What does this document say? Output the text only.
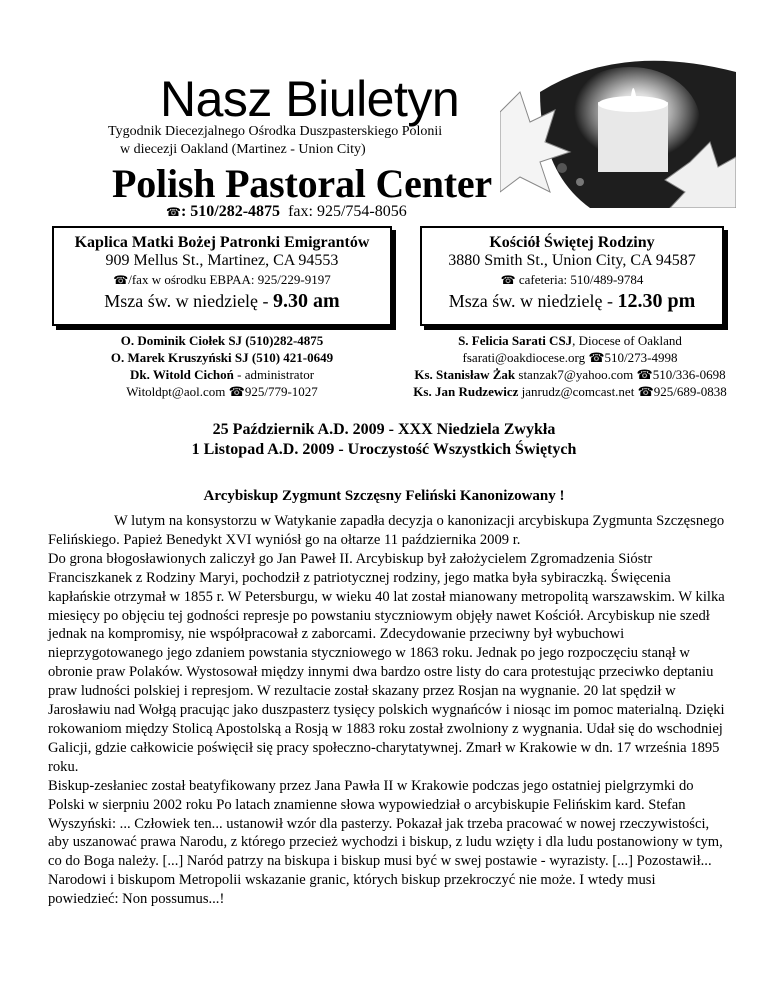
Nasz Biuletyn
Tygodnik Diecezjalnego Ośrodka Duszpasterskiego Polonii
w diecezji Oakland (Martinez - Union City)
Polish Pastoral Center
☎: 510/282-4875 fax: 925/754-8056
Kaplica Matki Bożej Patronki Emigrantów
909 Mellus St., Martinez, CA 94553
☎/fax w ośrodku EBPAA: 925/229-9197
Msza św. w niedzielę - 9.30 am
Kościół Świętej Rodziny
3880 Smith St., Union City, CA 94587
☎ cafeteria: 510/489-9784
Msza św. w niedzielę - 12.30 pm
O. Dominik Ciołek SJ (510)282-4875
O. Marek Kruszyński SJ (510) 421-0649
Dk. Witold Cichoń - administrator
Witoldpt@aol.com ☎925/779-1027
S. Felicia Sarati CSJ, Diocese of Oakland
fsarati@oakdiocese.org ☎510/273-4998
Ks. Stanisław Żak stanzak7@yahoo.com ☎510/336-0698
Ks. Jan Rudzewicz janrudz@comcast.net ☎925/689-0838
25 Październik A.D. 2009 - XXX Niedziela Zwykła
1 Listopad A.D. 2009 - Uroczystość Wszystkich Świętych
Arcybiskup Zygmunt Szczęsny Feliński Kanonizowany !

W lutym na konsystorzu w Watykanie zapadła decyzja o kanonizacji arcybiskupa Zygmunta Szczęsnego Felińskiego. Papież Benedykt XVI wyniósł go na ołtarze 11 października 2009 r.

Do grona błogosławionych zaliczył go Jan Paweł II. Arcybiskup był założycielem Zgromadzenia Sióstr Franciszkanek z Rodziny Maryi, pochodził z patriotycznej rodziny, jego matka była sybiraczką. Święcenia kapłańskie otrzymał w 1855 r. W Petersburgu, w wieku 40 lat został mianowany metropolitą warszawskim. W kilka miesięcy po objęciu tej godności represje po powstaniu styczniowym objęły nawet Kościół. Arcybiskup nie szedł jednak na kompromisy, nie współpracował z zaborcami. Zdecydowanie przeciwny był wybuchowi nieprzygotowanego jego zdaniem powstania styczniowego w 1863 roku. Jednak po jego rozpoczęciu stanął w obronie praw Polaków. Wystosował między innymi dwa bardzo ostre listy do cara protestując przeciwko deptaniu praw ludności polskiej i represjom. W rezultacie został skazany przez Rosjan na wygnanie. 20 lat spędził w Jarosławiu nad Wołgą pracując jako duszpasterz tysięcy polskich wygnańców i niosąc im pomoc materialną. Dzięki rokowaniom między Stolicą Apostolską a Rosją w 1883 roku został zwolniony z wygnania. Udał się do wschodniej Galicji, gdzie całkowicie poświęcił się pracy społeczno-charytatywnej. Zmarł w Krakowie w dn. 17 września 1895 roku.

Biskup-zesłaniec został beatyfikowany przez Jana Pawła II w Krakowie podczas jego ostatniej pielgrzymki do Polski w sierpniu 2002 roku Po latach znamienne słowa wypowiedział o arcybiskupie Felińskim kard. Stefan Wyszyński: ... Człowiek ten... ustanowił wzór dla pasterzy. Pokazał jak trzeba pracować w nowej rzeczywistości, aby uszanować prawa Narodu, z którego przecież wychodzi i biskup, z ludu wzięty i dla ludu postanowiony w tym, co do Boga należy. [...] Naród patrzy na biskupa i biskup musi być w swej postawie - wyrazisty. [...] Pozostawił... Narodowi i biskupom Metropolii wskazanie granic, których biskup przekroczyć nie może. I wtedy musi powiedzieć: Non possumus...!
